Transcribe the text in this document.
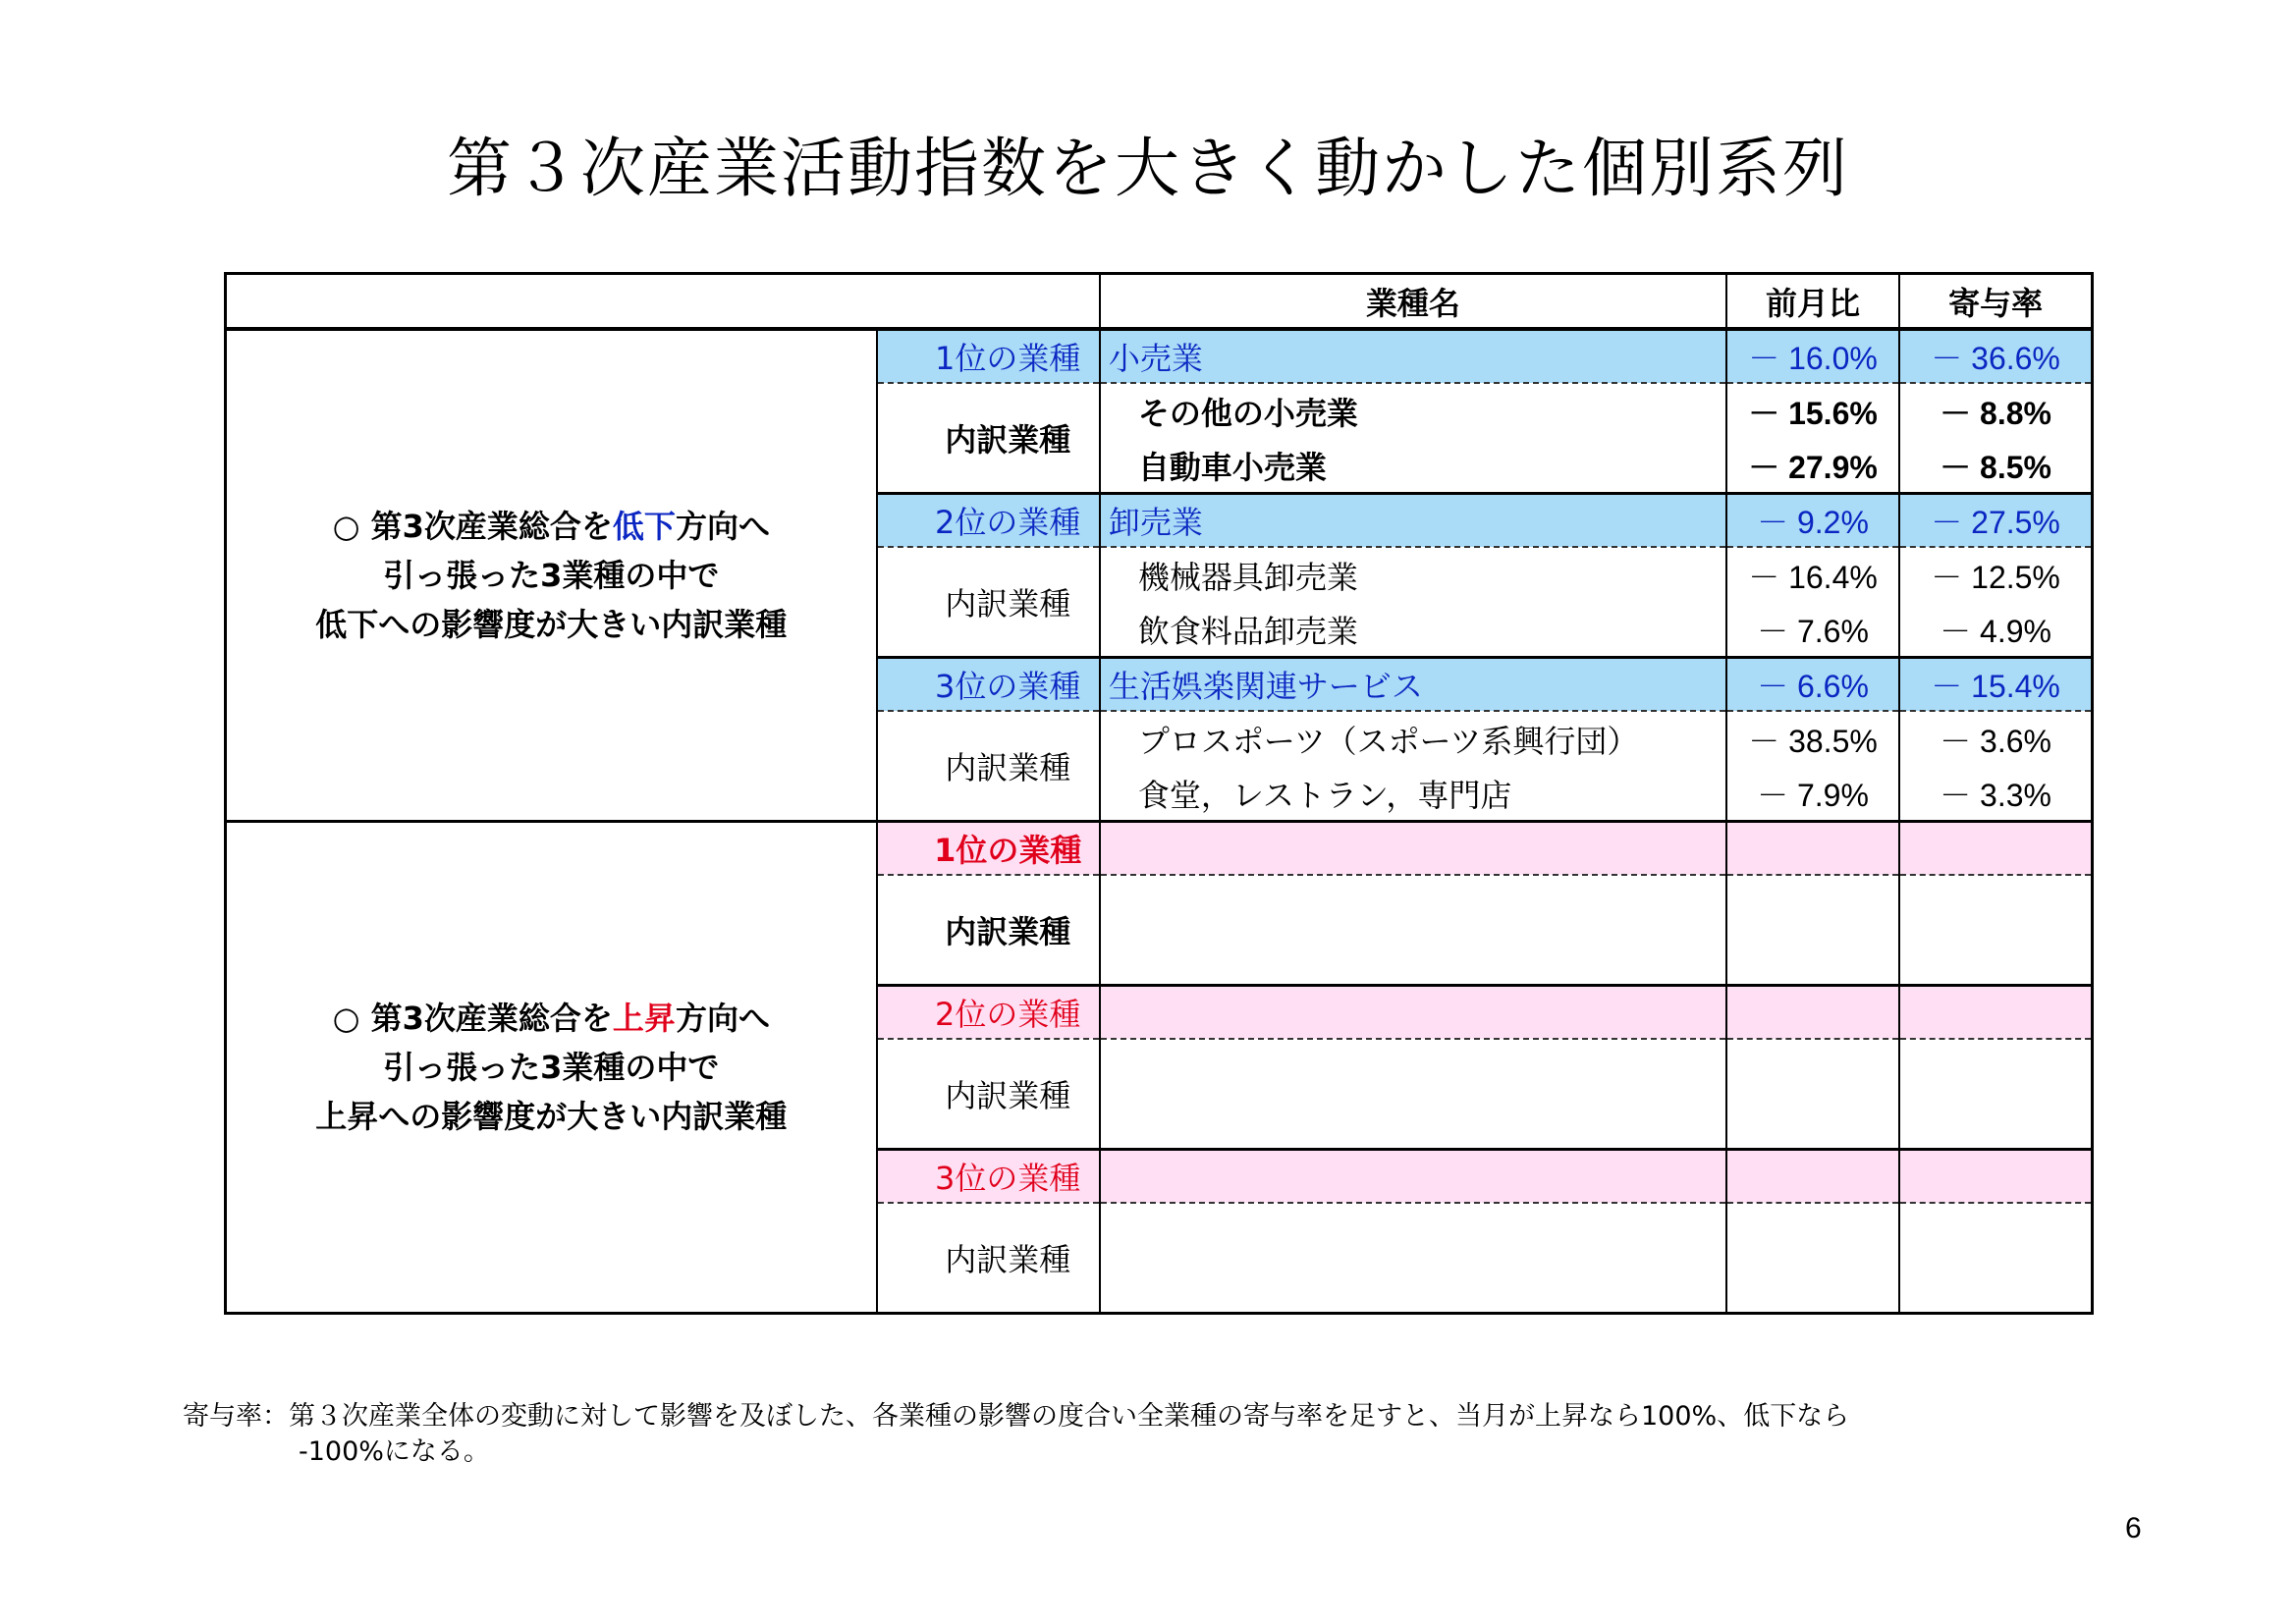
第３次産業活動指数を大きく動かした個別系列
		業種名	前月比	寄与率
○ 第3次産業総合を低下方向へ
引っ張った3業種の中で
低下への影響度が大きい内訳業種	1位の業種	小売業	－ 16.0%	－ 36.6%
	内訳業種	その他の小売業	－ 15.6%	－ 8.8%
		自動車小売業	－ 27.9%	－ 8.5%
	2位の業種	卸売業	－ 9.2%	－ 27.5%
	内訳業種	機械器具卸売業	－ 16.4%	－ 12.5%
		飲食料品卸売業	－ 7.6%	－ 4.9%
	3位の業種	生活娯楽関連サービス	－ 6.6%	－ 15.4%
	内訳業種	プロスポーツ（スポーツ系興行団）	－ 38.5%	－ 3.6%
		食堂，レストラン，専門店	－ 7.9%	－ 3.3%
○ 第3次産業総合を上昇方向へ
引っ張った3業種の中で
上昇への影響度が大きい内訳業種	1位の業種			
	内訳業種			
	2位の業種			
	内訳業種			
	3位の業種			
	内訳業種			
寄与率：第３次産業全体の変動に対して影響を及ぼした、各業種の影響の度合い全業種の寄与率を足すと、当月が上昇なら100%、低下なら
-100%になる。
6
